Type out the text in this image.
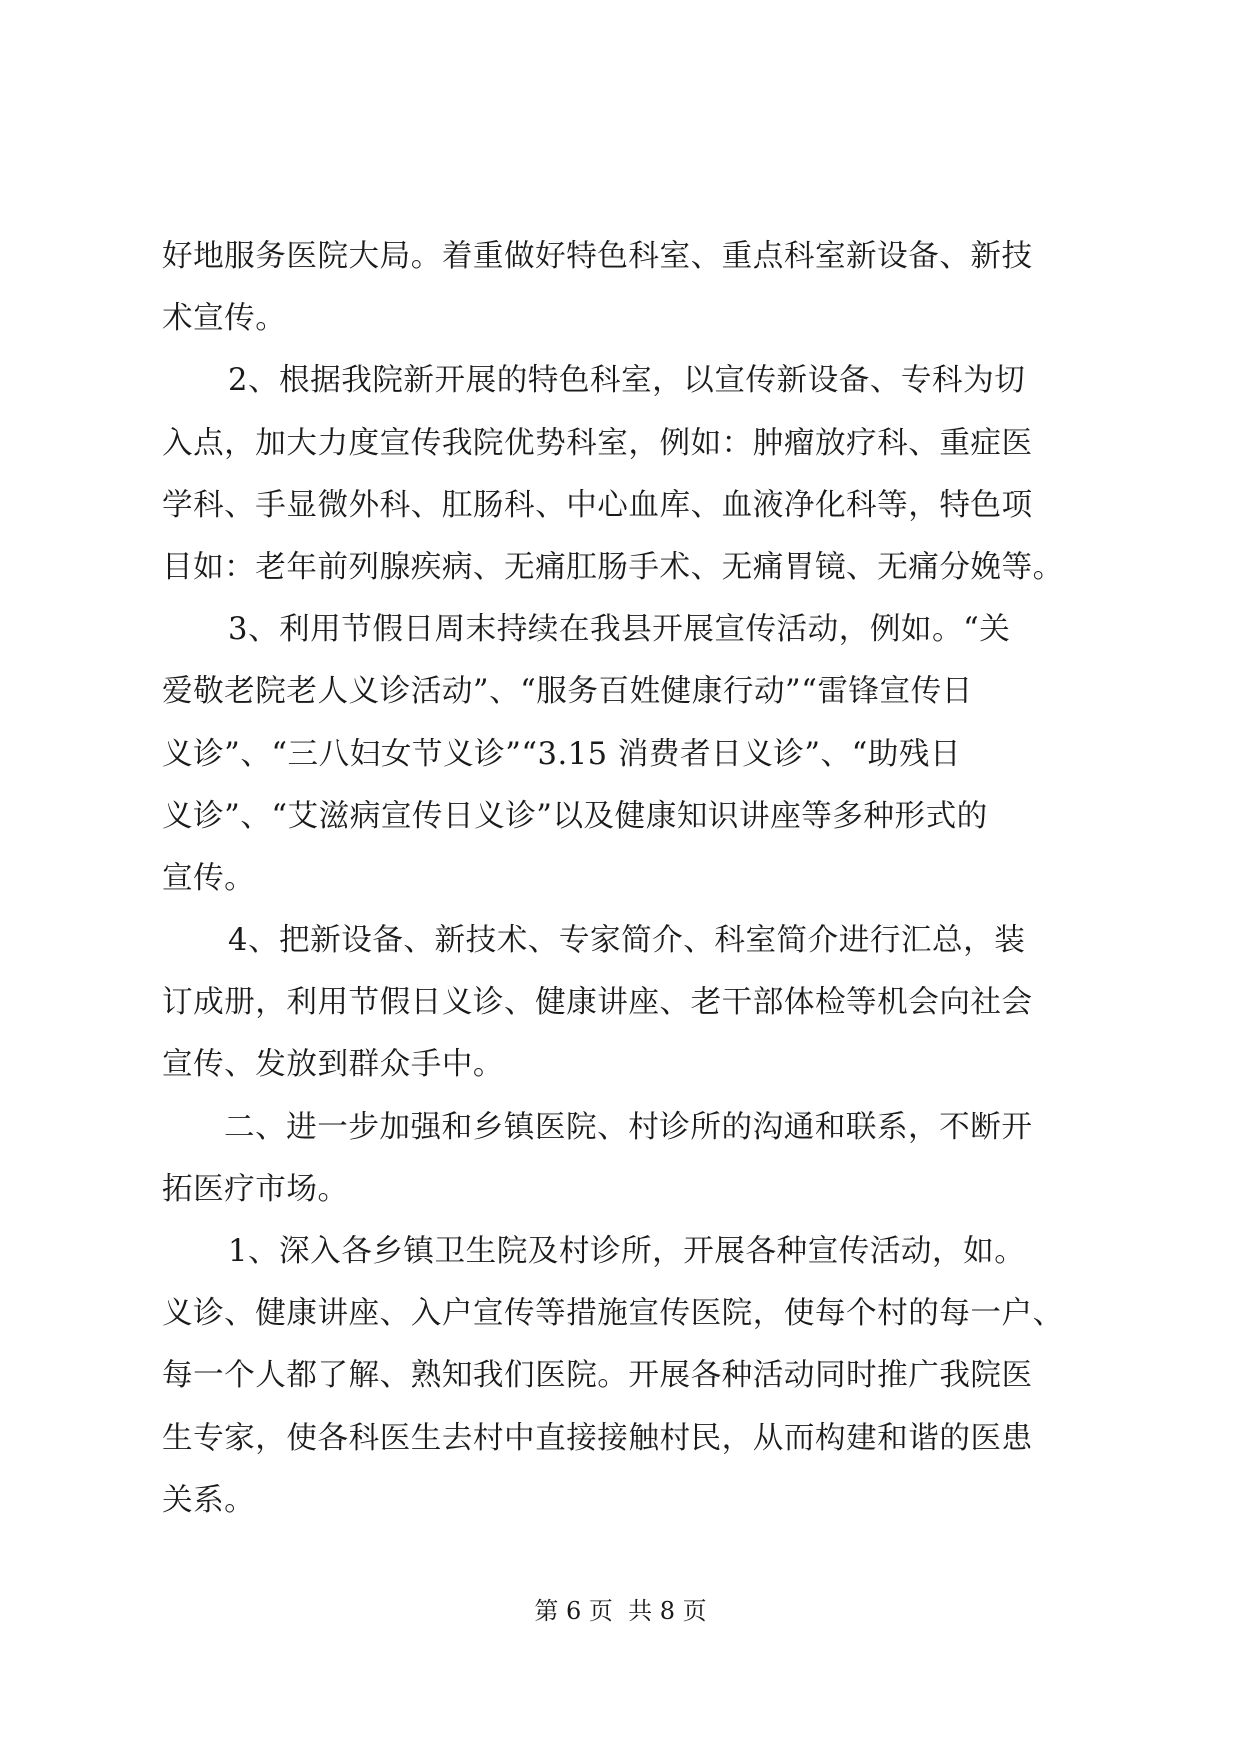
好地服务医院大局。着重做好特色科室、重点科室新设备、新技
术宣传。
2、根据我院新开展的特色科室，以宣传新设备、专科为切
入点，加大力度宣传我院优势科室，例如：肿瘤放疗科、重症医
学科、手显微外科、肛肠科、中心血库、血液净化科等，特色项
目如：老年前列腺疾病、无痛肛肠手术、无痛胃镜、无痛分娩等。
3、利用节假日周末持续在我县开展宣传活动，例如。“关
爱敬老院老人义诊活动”、“服务百姓健康行动”“雷锋宣传日
义诊”、“三八妇女节义诊”“3.15 消费者日义诊”、“助残日
义诊”、“艾滋病宣传日义诊”以及健康知识讲座等多种形式的
宣传。
4、把新设备、新技术、专家简介、科室简介进行汇总，装
订成册，利用节假日义诊、健康讲座、老干部体检等机会向社会
宣传、发放到群众手中。
二、进一步加强和乡镇医院、村诊所的沟通和联系，不断开
拓医疗市场。
1、深入各乡镇卫生院及村诊所，开展各种宣传活动，如。
义诊、健康讲座、入户宣传等措施宣传医院，使每个村的每一户、
每一个人都了解、熟知我们医院。开展各种活动同时推广我院医
生专家，使各科医生去村中直接接触村民，从而构建和谐的医患
关系。
第 6 页  共 8 页
